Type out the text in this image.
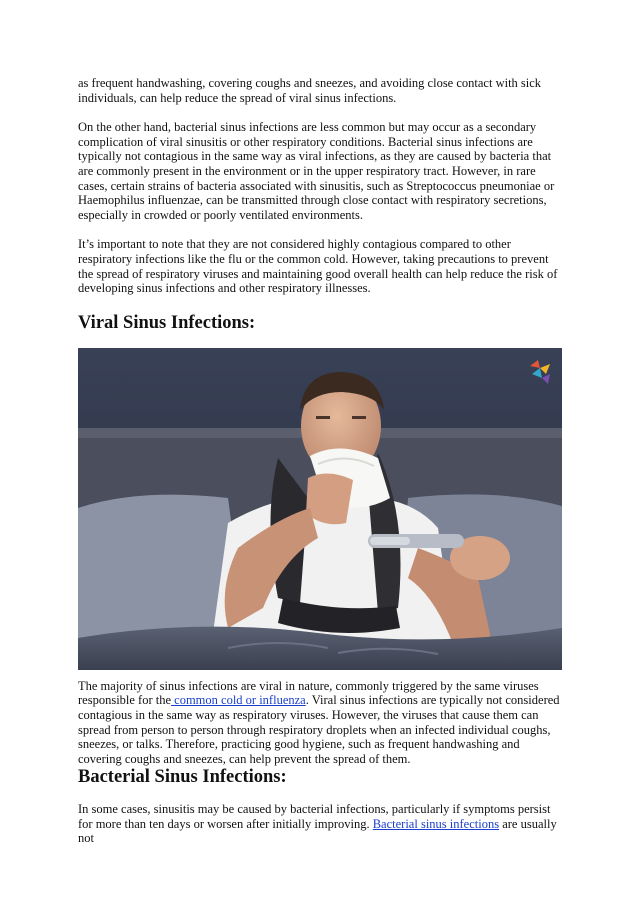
as frequent handwashing, covering coughs and sneezes, and avoiding close contact with sick individuals, can help reduce the spread of viral sinus infections.

On the other hand, bacterial sinus infections are less common but may occur as a secondary complication of viral sinusitis or other respiratory conditions. Bacterial sinus infections are typically not contagious in the same way as viral infections, as they are caused by bacteria that are commonly present in the environment or in the upper respiratory tract. However, in rare cases, certain strains of bacteria associated with sinusitis, such as Streptococcus pneumoniae or Haemophilus influenzae, can be transmitted through close contact with respiratory secretions, especially in crowded or poorly ventilated environments.

It’s important to note that they are not considered highly contagious compared to other respiratory infections like the flu or the common cold. However, taking precautions to prevent the spread of respiratory viruses and maintaining good overall health can help reduce the risk of developing sinus infections and other respiratory illnesses.

Viral Sinus Infections:

The majority of sinus infections are viral in nature, commonly triggered by the same viruses responsible for the common cold or influenza. Viral sinus infections are typically not considered contagious in the same way as respiratory viruses. However, the viruses that cause them can spread from person to person through respiratory droplets when an infected individual coughs, sneezes, or talks. Therefore, practicing good hygiene, such as frequent handwashing and covering coughs and sneezes, can help prevent the spread of them.

Bacterial Sinus Infections:

In some cases, sinusitis may be caused by bacterial infections, particularly if symptoms persist for more than ten days or worsen after initially improving. Bacterial sinus infections are usually not
